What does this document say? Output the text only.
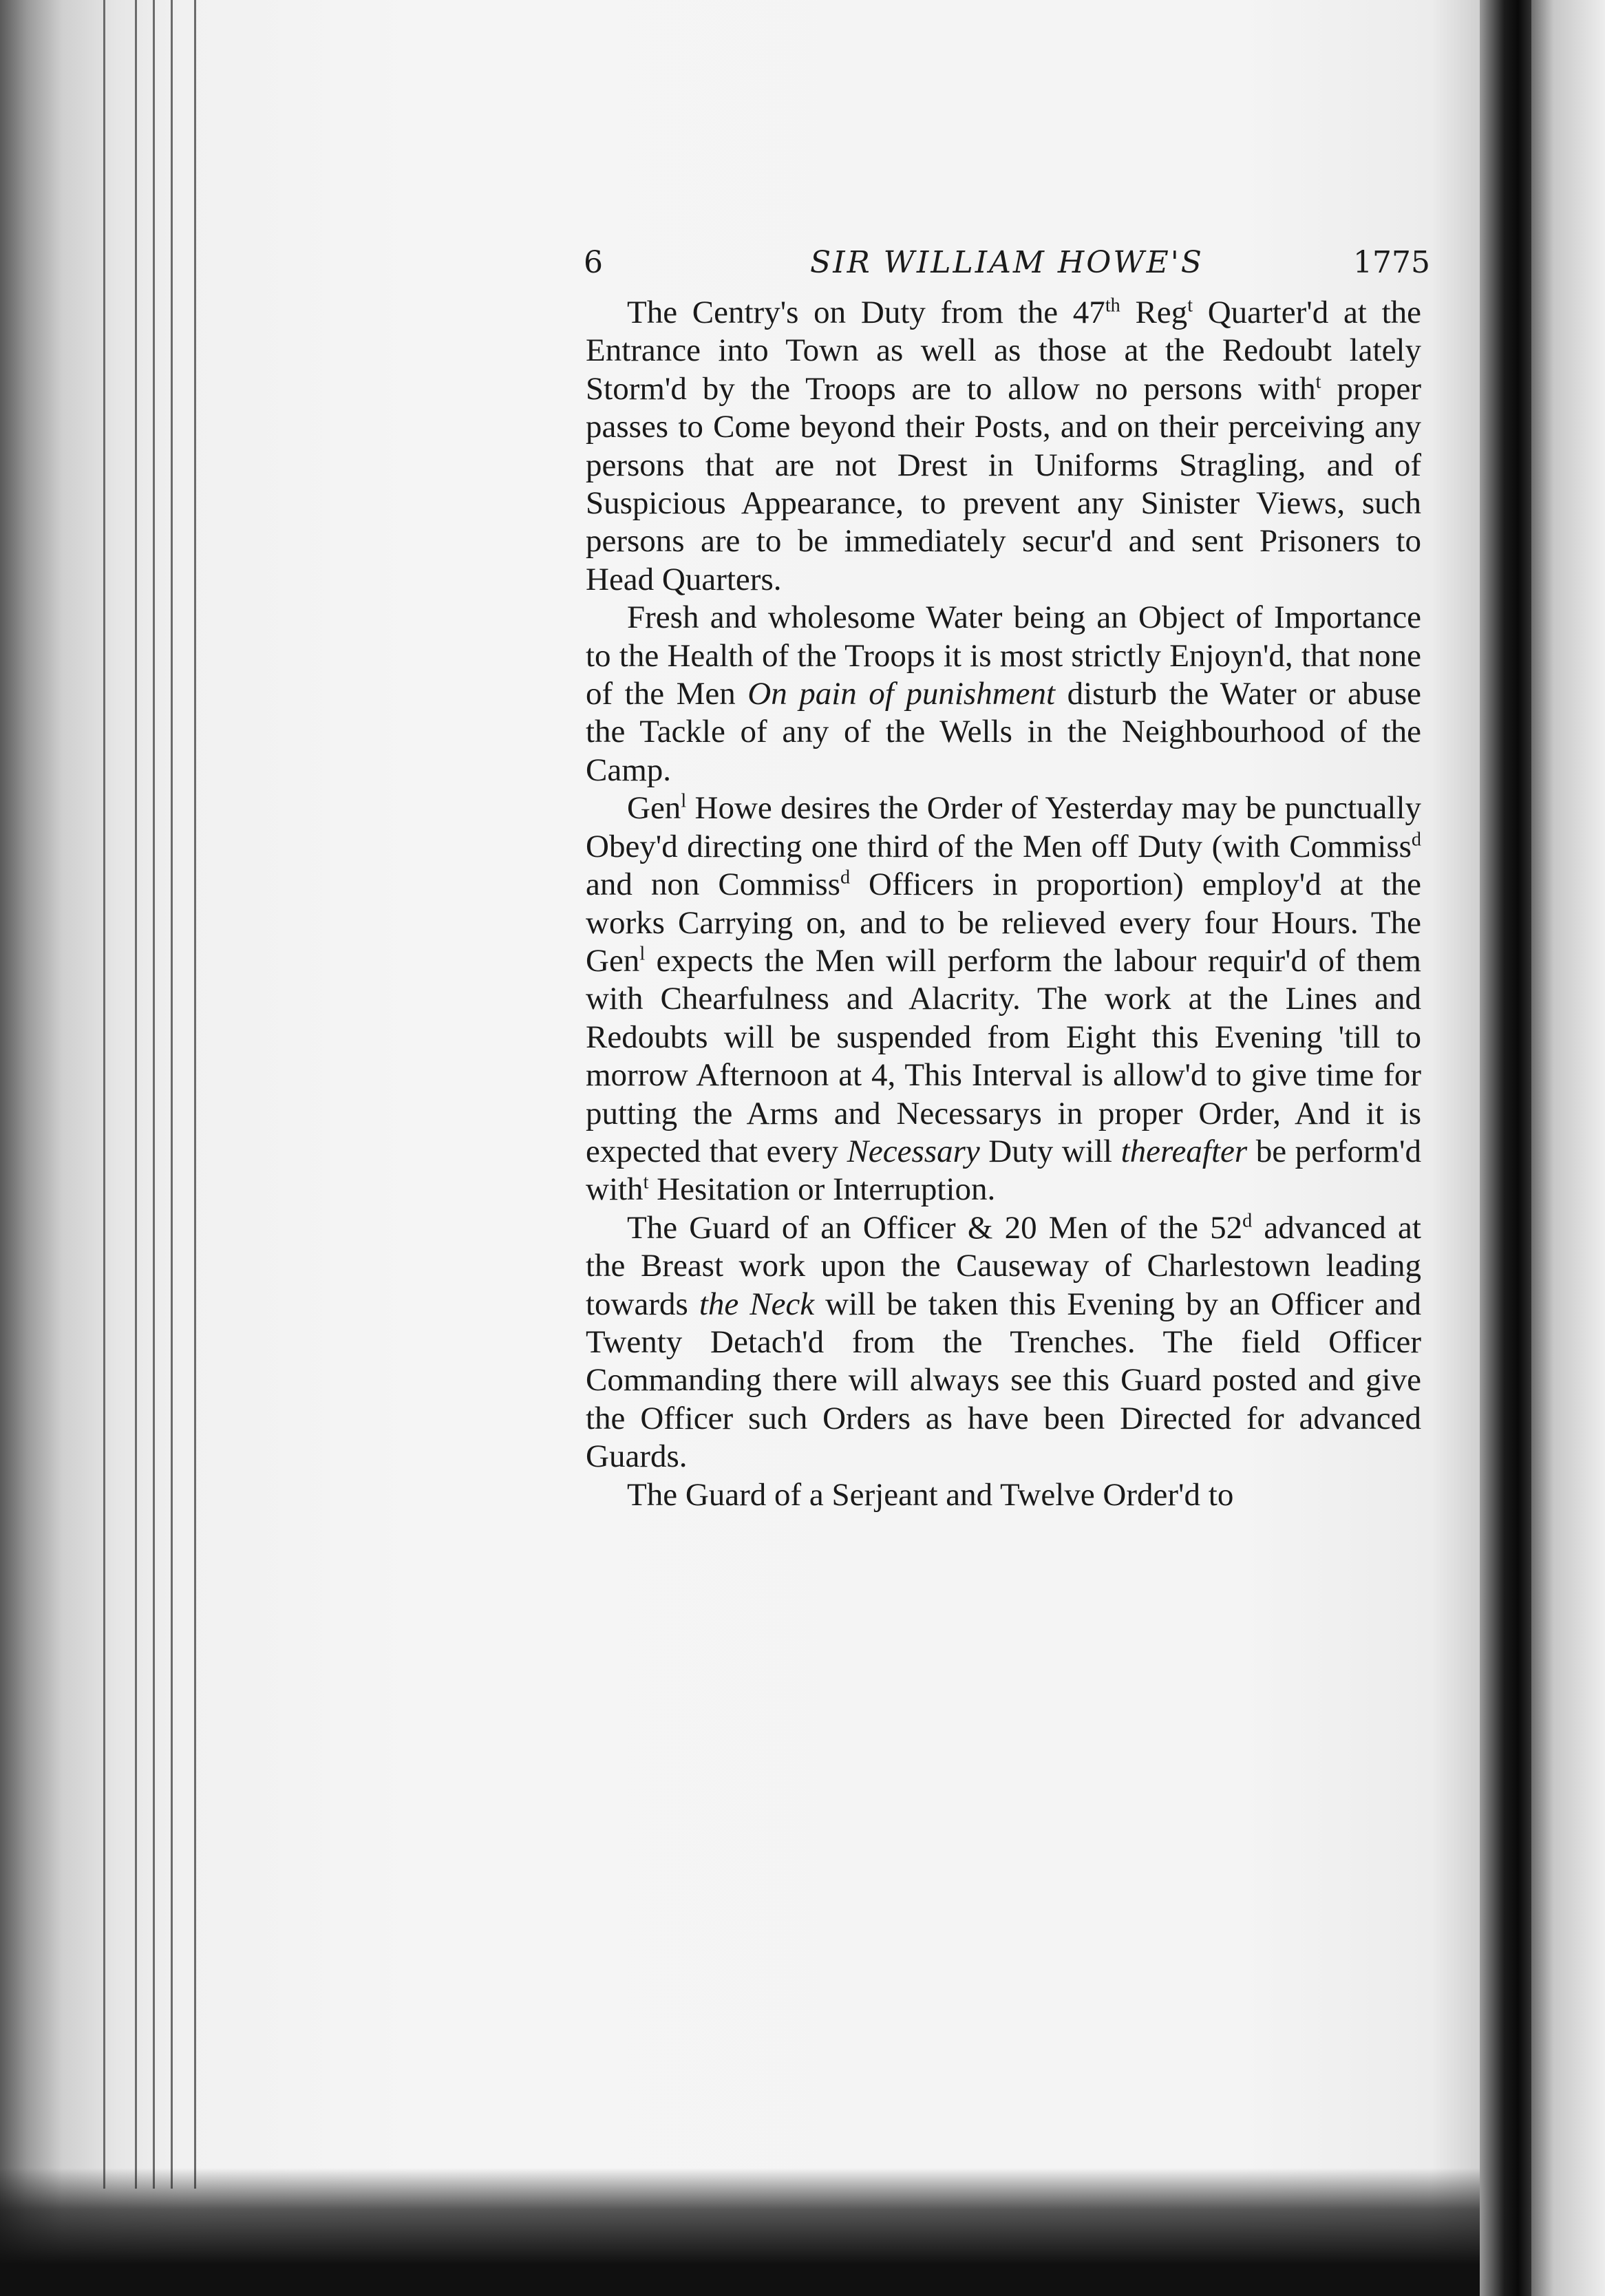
6	SIR WILLIAM HOWE'S	1775

The Centry's on Duty from the 47th Reg$^t$ Quarter'd at the Entrance into Town as well as those at the Redoubt lately Storm'd by the Troops are to allow no persons with$^t$ proper passes to Come beyond their Posts, and on their perceiving any persons that are not Drest in Uniforms Stragling, and of Suspicious Appearance, to prevent any Sinister Views, such persons are to be immediately secur'd and sent Prisoners to Head Quarters.

Fresh and wholesome Water being an Object of Importance to the Health of the Troops it is most strictly Enjoyn'd, that none of the Men On pain of punishment disturb the Water or abuse the Tackle of any of the Wells in the Neighbourhood of the Camp.

Gen$^l$ Howe desires the Order of Yesterday may be punctually Obey'd directing one third of the Men off Duty (with Commiss$^d$ and non Commiss$^d$ Officers in proportion) employ'd at the works Carrying on, and to be relieved every four Hours. The Gen$^l$ expects the Men will perform the labour requir'd of them with Chearfulness and Alacrity. The work at the Lines and Redoubts will be suspended from Eight this Evening 'till to morrow Afternoon at 4, This Interval is allow'd to give time for putting the Arms and Necessarys in proper Order, And it is expected that every Necessary Duty will thereafter be perform'd with$^t$ Hesitation or Interruption.

The Guard of an Officer & 20 Men of the 52$^d$ advanced at the Breast work upon the Causeway of Charlestown leading towards the Neck will be taken this Evening by an Officer and Twenty Detach'd from the Trenches. The field Officer Commanding there will always see this Guard posted and give the Officer such Orders as have been Directed for advanced Guards.

The Guard of a Serjeant and Twelve Order'd to
